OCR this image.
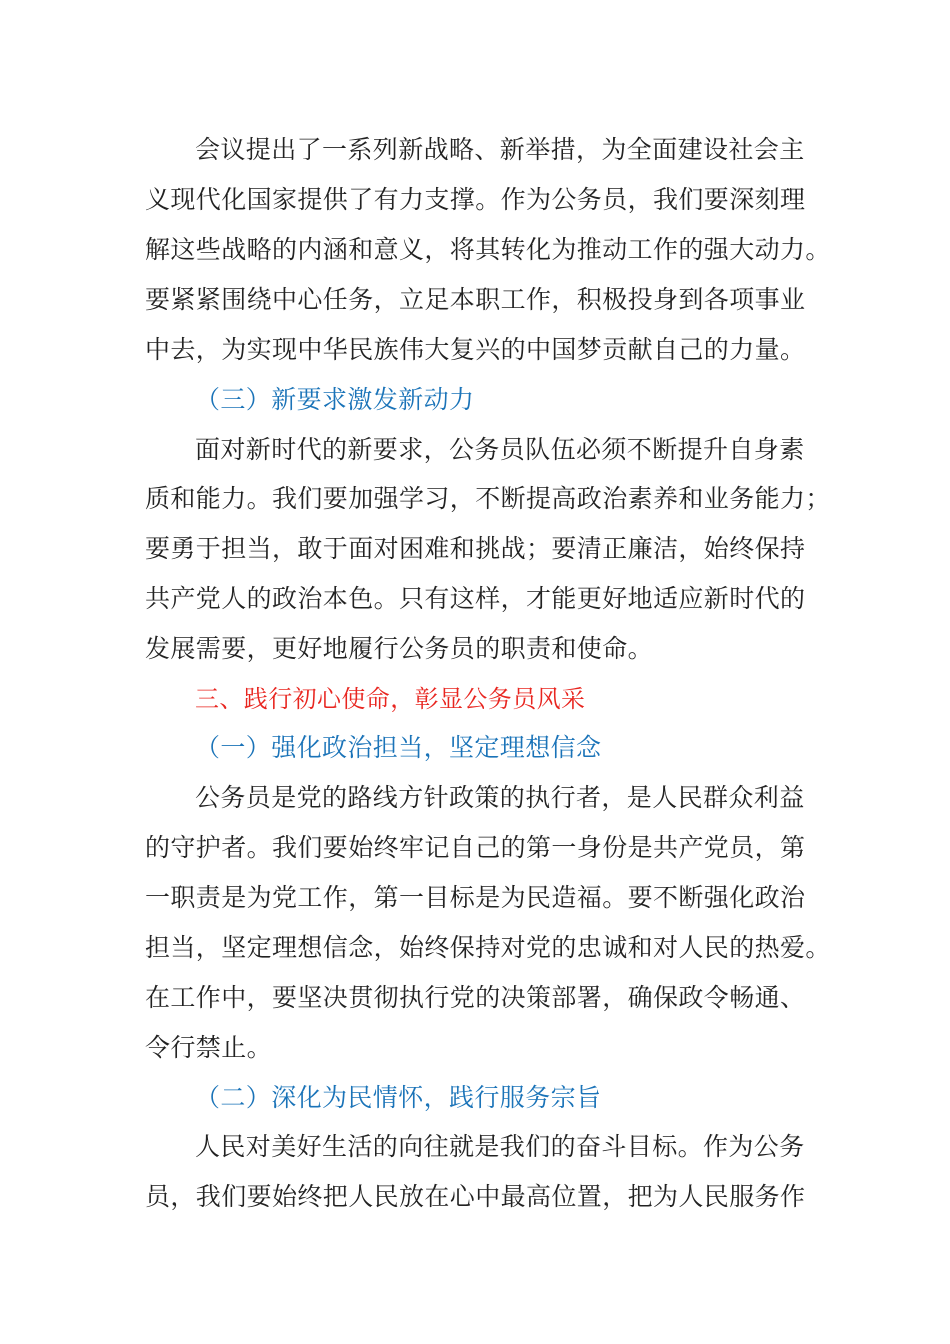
会议提出了一系列新战略、新举措，为全面建设社会主
义现代化国家提供了有力支撑。作为公务员，我们要深刻理
解这些战略的内涵和意义，将其转化为推动工作的强大动力。
要紧紧围绕中心任务，立足本职工作，积极投身到各项事业
中去，为实现中华民族伟大复兴的中国梦贡献自己的力量。
（三）新要求激发新动力
面对新时代的新要求，公务员队伍必须不断提升自身素
质和能力。我们要加强学习，不断提高政治素养和业务能力；
要勇于担当，敢于面对困难和挑战；要清正廉洁，始终保持
共产党人的政治本色。只有这样，才能更好地适应新时代的
发展需要，更好地履行公务员的职责和使命。
三、践行初心使命，彰显公务员风采
（一）强化政治担当，坚定理想信念
公务员是党的路线方针政策的执行者，是人民群众利益
的守护者。我们要始终牢记自己的第一身份是共产党员，第
一职责是为党工作，第一目标是为民造福。要不断强化政治
担当，坚定理想信念，始终保持对党的忠诚和对人民的热爱。
在工作中，要坚决贯彻执行党的决策部署，确保政令畅通、
令行禁止。
（二）深化为民情怀，践行服务宗旨
人民对美好生活的向往就是我们的奋斗目标。作为公务
员，我们要始终把人民放在心中最高位置，把为人民服务作
